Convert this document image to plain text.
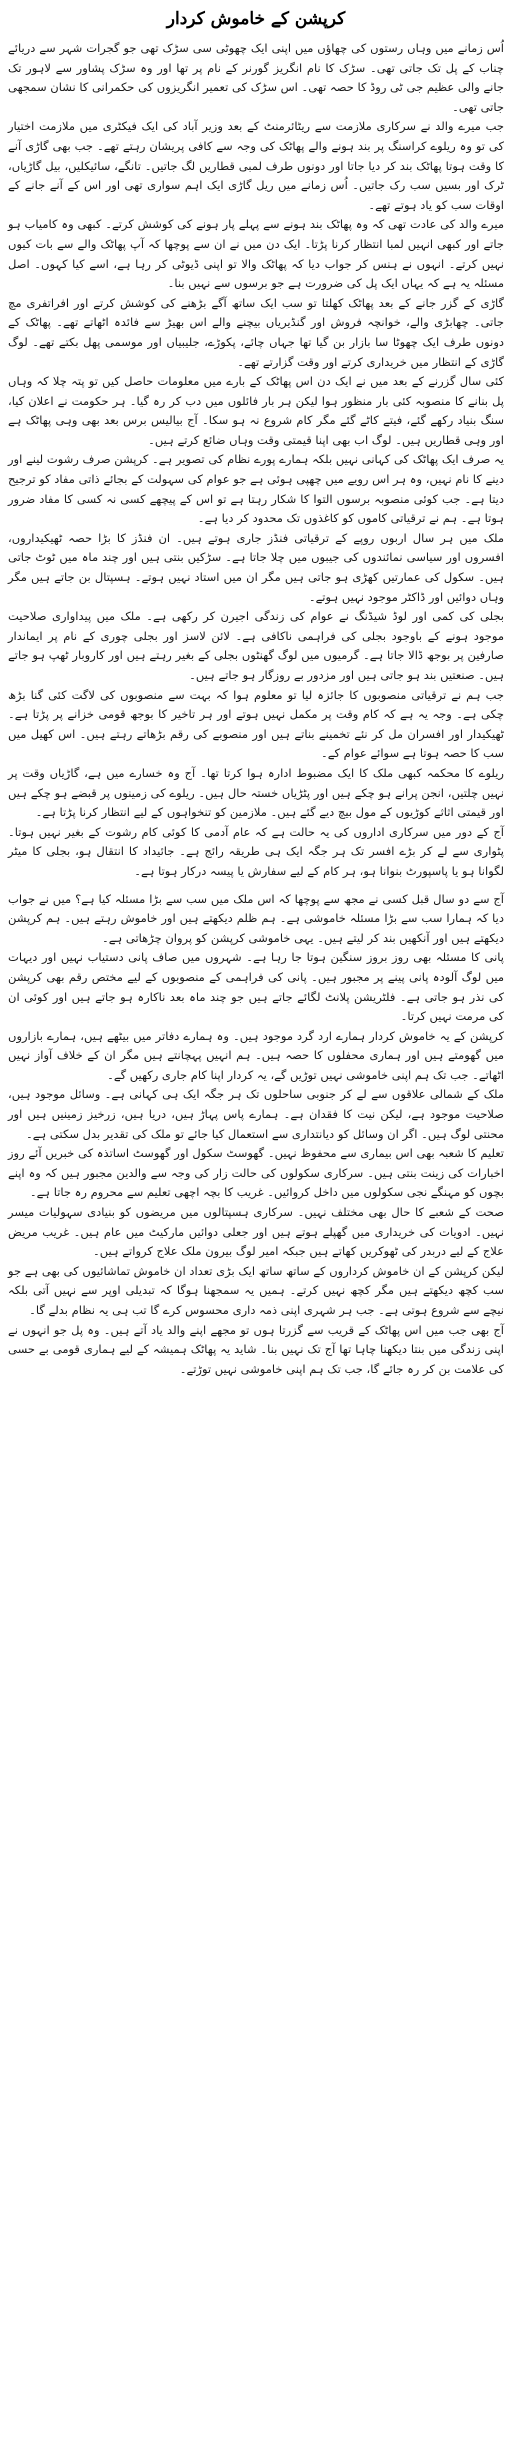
کرپشن کے خاموش کردار

اُس زمانے میں وہاں رستوں کی چھاؤں میں اپنی ایک چھوٹی سی سڑک تھی جو گجرات شہر سے دریائے چناب کے پل تک جاتی تھی۔ سڑک کا نام انگریز گورنر کے نام پر تھا اور وہ سڑک پشاور سے لاہور تک جانے والی عظیم جی ٹی روڈ کا حصہ تھی۔ اس سڑک کی تعمیر انگریزوں کی حکمرانی کا نشان سمجھی جاتی تھی۔

جب میرے والد نے سرکاری ملازمت سے ریٹائرمنٹ کے بعد وزیر آباد کی ایک فیکٹری میں ملازمت اختیار کی تو وہ ریلوے کراسنگ پر بند ہونے والے پھاٹک کی وجہ سے کافی پریشان رہتے تھے۔ جب بھی گاڑی آنے کا وقت ہوتا پھاٹک بند کر دیا جاتا اور دونوں طرف لمبی قطاریں لگ جاتیں۔ تانگے، سائیکلیں، بیل گاڑیاں، ٹرک اور بسیں سب رک جاتیں۔ اُس زمانے میں ریل گاڑی ایک اہم سواری تھی اور اس کے آنے جانے کے اوقات سب کو یاد ہوتے تھے۔

میرے والد کی عادت تھی کہ وہ پھاٹک بند ہونے سے پہلے پار ہونے کی کوشش کرتے۔ کبھی وہ کامیاب ہو جاتے اور کبھی انہیں لمبا انتظار کرنا پڑتا۔ ایک دن میں نے ان سے پوچھا کہ آپ پھاٹک والے سے بات کیوں نہیں کرتے۔ انہوں نے ہنس کر جواب دیا کہ پھاٹک والا تو اپنی ڈیوٹی کر رہا ہے، اسے کیا کہوں۔ اصل مسئلہ یہ ہے کہ یہاں ایک پل کی ضرورت ہے جو برسوں سے نہیں بنا۔

گاڑی کے گزر جانے کے بعد پھاٹک کھلتا تو سب ایک ساتھ آگے بڑھنے کی کوشش کرتے اور افراتفری مچ جاتی۔ چھابڑی والے، خوانچہ فروش اور گنڈیریاں بیچنے والے اس بھیڑ سے فائدہ اٹھاتے تھے۔ پھاٹک کے دونوں طرف ایک چھوٹا سا بازار بن گیا تھا جہاں چائے، پکوڑے، جلیبیاں اور موسمی پھل بکتے تھے۔ لوگ گاڑی کے انتظار میں خریداری کرتے اور وقت گزارتے تھے۔

کئی سال گزرنے کے بعد میں نے ایک دن اس پھاٹک کے بارے میں معلومات حاصل کیں تو پتہ چلا کہ وہاں پل بنانے کا منصوبہ کئی بار منظور ہوا لیکن ہر بار فائلوں میں دب کر رہ گیا۔ ہر حکومت نے اعلان کیا، سنگ بنیاد رکھے گئے، فیتے کاٹے گئے مگر کام شروع نہ ہو سکا۔ آج بیالیس برس بعد بھی وہی پھاٹک ہے اور وہی قطاریں ہیں۔ لوگ اب بھی اپنا قیمتی وقت وہاں ضائع کرتے ہیں۔

یہ صرف ایک پھاٹک کی کہانی نہیں بلکہ ہمارے پورے نظام کی تصویر ہے۔ کرپشن صرف رشوت لینے اور دینے کا نام نہیں، وہ ہر اس رویے میں چھپی ہوئی ہے جو عوام کی سہولت کے بجائے ذاتی مفاد کو ترجیح دیتا ہے۔ جب کوئی منصوبہ برسوں التوا کا شکار رہتا ہے تو اس کے پیچھے کسی نہ کسی کا مفاد ضرور ہوتا ہے۔ ہم نے ترقیاتی کاموں کو کاغذوں تک محدود کر دیا ہے۔

ملک میں ہر سال اربوں روپے کے ترقیاتی فنڈز جاری ہوتے ہیں۔ ان فنڈز کا بڑا حصہ ٹھیکیداروں، افسروں اور سیاسی نمائندوں کی جیبوں میں چلا جاتا ہے۔ سڑکیں بنتی ہیں اور چند ماہ میں ٹوٹ جاتی ہیں۔ سکول کی عمارتیں کھڑی ہو جاتی ہیں مگر ان میں استاد نہیں ہوتے۔ ہسپتال بن جاتے ہیں مگر وہاں دوائیں اور ڈاکٹر موجود نہیں ہوتے۔

بجلی کی کمی اور لوڈ شیڈنگ نے عوام کی زندگی اجیرن کر رکھی ہے۔ ملک میں پیداواری صلاحیت موجود ہونے کے باوجود بجلی کی فراہمی ناکافی ہے۔ لائن لاسز اور بجلی چوری کے نام پر ایماندار صارفین پر بوجھ ڈالا جاتا ہے۔ گرمیوں میں لوگ گھنٹوں بجلی کے بغیر رہتے ہیں اور کاروبار ٹھپ ہو جاتے ہیں۔ صنعتیں بند ہو جاتی ہیں اور مزدور بے روزگار ہو جاتے ہیں۔

جب ہم نے ترقیاتی منصوبوں کا جائزہ لیا تو معلوم ہوا کہ بہت سے منصوبوں کی لاگت کئی گنا بڑھ چکی ہے۔ وجہ یہ ہے کہ کام وقت پر مکمل نہیں ہوتے اور ہر تاخیر کا بوجھ قومی خزانے پر پڑتا ہے۔ ٹھیکیدار اور افسران مل کر نئے تخمینے بناتے ہیں اور منصوبے کی رقم بڑھاتے رہتے ہیں۔ اس کھیل میں سب کا حصہ ہوتا ہے سوائے عوام کے۔

ریلوے کا محکمہ کبھی ملک کا ایک مضبوط ادارہ ہوا کرتا تھا۔ آج وہ خسارے میں ہے، گاڑیاں وقت پر نہیں چلتیں، انجن پرانے ہو چکے ہیں اور پٹڑیاں خستہ حال ہیں۔ ریلوے کی زمینوں پر قبضے ہو چکے ہیں اور قیمتی اثاثے کوڑیوں کے مول بیچ دیے گئے ہیں۔ ملازمین کو تنخواہوں کے لیے انتظار کرنا پڑتا ہے۔

آج کے دور میں سرکاری اداروں کی یہ حالت ہے کہ عام آدمی کا کوئی کام رشوت کے بغیر نہیں ہوتا۔ پٹواری سے لے کر بڑے افسر تک ہر جگہ ایک ہی طریقہ رائج ہے۔ جائیداد کا انتقال ہو، بجلی کا میٹر لگوانا ہو یا پاسپورٹ بنوانا ہو، ہر کام کے لیے سفارش یا پیسہ درکار ہوتا ہے۔

آج سے دو سال قبل کسی نے مجھ سے پوچھا کہ اس ملک میں سب سے بڑا مسئلہ کیا ہے؟ میں نے جواب دیا کہ ہمارا سب سے بڑا مسئلہ خاموشی ہے۔ ہم ظلم دیکھتے ہیں اور خاموش رہتے ہیں۔ ہم کرپشن دیکھتے ہیں اور آنکھیں بند کر لیتے ہیں۔ یہی خاموشی کرپشن کو پروان چڑھاتی ہے۔

پانی کا مسئلہ بھی روز بروز سنگین ہوتا جا رہا ہے۔ شہروں میں صاف پانی دستیاب نہیں اور دیہات میں لوگ آلودہ پانی پینے پر مجبور ہیں۔ پانی کی فراہمی کے منصوبوں کے لیے مختص رقم بھی کرپشن کی نذر ہو جاتی ہے۔ فلٹریشن پلانٹ لگائے جاتے ہیں جو چند ماہ بعد ناکارہ ہو جاتے ہیں اور کوئی ان کی مرمت نہیں کرتا۔

کرپشن کے یہ خاموش کردار ہمارے ارد گرد موجود ہیں۔ وہ ہمارے دفاتر میں بیٹھے ہیں، ہمارے بازاروں میں گھومتے ہیں اور ہماری محفلوں کا حصہ ہیں۔ ہم انہیں پہچانتے ہیں مگر ان کے خلاف آواز نہیں اٹھاتے۔ جب تک ہم اپنی خاموشی نہیں توڑیں گے، یہ کردار اپنا کام جاری رکھیں گے۔

ملک کے شمالی علاقوں سے لے کر جنوبی ساحلوں تک ہر جگہ ایک ہی کہانی ہے۔ وسائل موجود ہیں، صلاحیت موجود ہے، لیکن نیت کا فقدان ہے۔ ہمارے پاس پہاڑ ہیں، دریا ہیں، زرخیز زمینیں ہیں اور محنتی لوگ ہیں۔ اگر ان وسائل کو دیانتداری سے استعمال کیا جائے تو ملک کی تقدیر بدل سکتی ہے۔

تعلیم کا شعبہ بھی اس بیماری سے محفوظ نہیں۔ گھوسٹ سکول اور گھوسٹ اساتذہ کی خبریں آئے روز اخبارات کی زینت بنتی ہیں۔ سرکاری سکولوں کی حالت زار کی وجہ سے والدین مجبور ہیں کہ وہ اپنے بچوں کو مہنگے نجی سکولوں میں داخل کروائیں۔ غریب کا بچہ اچھی تعلیم سے محروم رہ جاتا ہے۔

صحت کے شعبے کا حال بھی مختلف نہیں۔ سرکاری ہسپتالوں میں مریضوں کو بنیادی سہولیات میسر نہیں۔ ادویات کی خریداری میں گھپلے ہوتے ہیں اور جعلی دوائیں مارکیٹ میں عام ہیں۔ غریب مریض علاج کے لیے دربدر کی ٹھوکریں کھاتے ہیں جبکہ امیر لوگ بیرون ملک علاج کرواتے ہیں۔

لیکن کرپشن کے ان خاموش کرداروں کے ساتھ ساتھ ایک بڑی تعداد ان خاموش تماشائیوں کی بھی ہے جو سب کچھ دیکھتے ہیں مگر کچھ نہیں کرتے۔ ہمیں یہ سمجھنا ہوگا کہ تبدیلی اوپر سے نہیں آتی بلکہ نیچے سے شروع ہوتی ہے۔ جب ہر شہری اپنی ذمہ داری محسوس کرے گا تب ہی یہ نظام بدلے گا۔

آج بھی جب میں اس پھاٹک کے قریب سے گزرتا ہوں تو مجھے اپنے والد یاد آتے ہیں۔ وہ پل جو انہوں نے اپنی زندگی میں بنتا دیکھنا چاہا تھا آج تک نہیں بنا۔ شاید یہ پھاٹک ہمیشہ کے لیے ہماری قومی بے حسی کی علامت بن کر رہ جائے گا، جب تک ہم اپنی خاموشی نہیں توڑتے۔
